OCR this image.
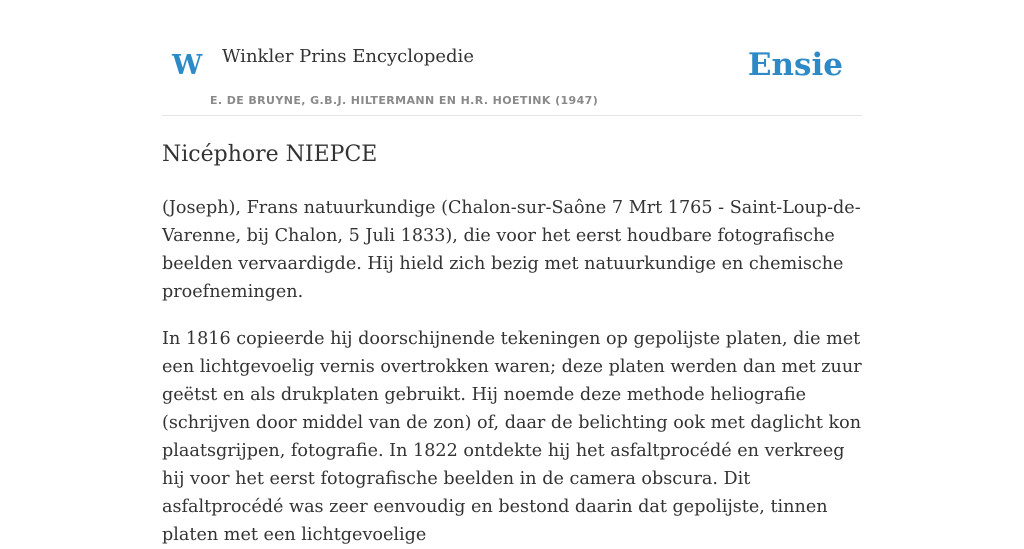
W Winkler Prins Encyclopedie
E. DE BRUYNE, G.B.J. HILTERMANN EN H.R. HOETINK (1947)
Ensie
Nicéphore NIEPCE

(Joseph), Frans natuurkundige (Chalon-sur-Saône 7 Mrt 1765 - Saint-Loup-de-Varenne, bij Chalon, 5 Juli 1833), die voor het eerst houdbare fotografische beelden vervaardigde. Hij hield zich bezig met natuurkundige en chemische proefnemingen.

In 1816 copieerde hij doorschijnende tekeningen op gepolijste platen, die met een lichtgevoelig vernis overtrokken waren; deze platen werden dan met zuur geëtst en als drukplaten gebruikt. Hij noemde deze methode heliografie (schrijven door middel van de zon) of, daar de belichting ook met daglicht kon plaatsgrijpen, fotografie. In 1822 ontdekte hij het asfaltprocédé en verkreeg hij voor het eerst fotografische beelden in de camera obscura. Dit asfaltprocédé was zeer eenvoudig en bestond daarin dat gepolijste, tinnen platen met een lichtgevoelige
